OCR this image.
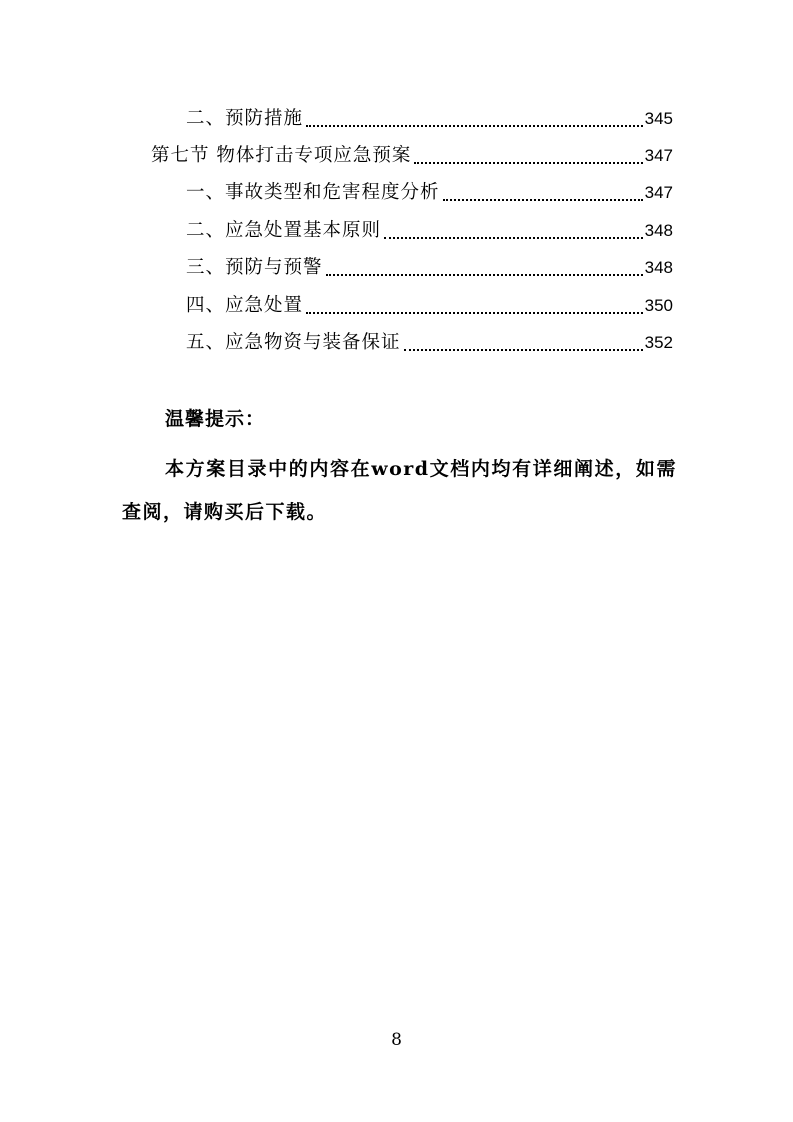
二、预防措施	345
第七节 物体打击专项应急预案	347
一、事故类型和危害程度分析	347
二、应急处置基本原则	348
三、预防与预警	348
四、应急处置	350
五、应急物资与装备保证	352
温馨提示：
本方案目录中的内容在word文档内均有详细阐述，如需查阅，请购买后下载。
8
